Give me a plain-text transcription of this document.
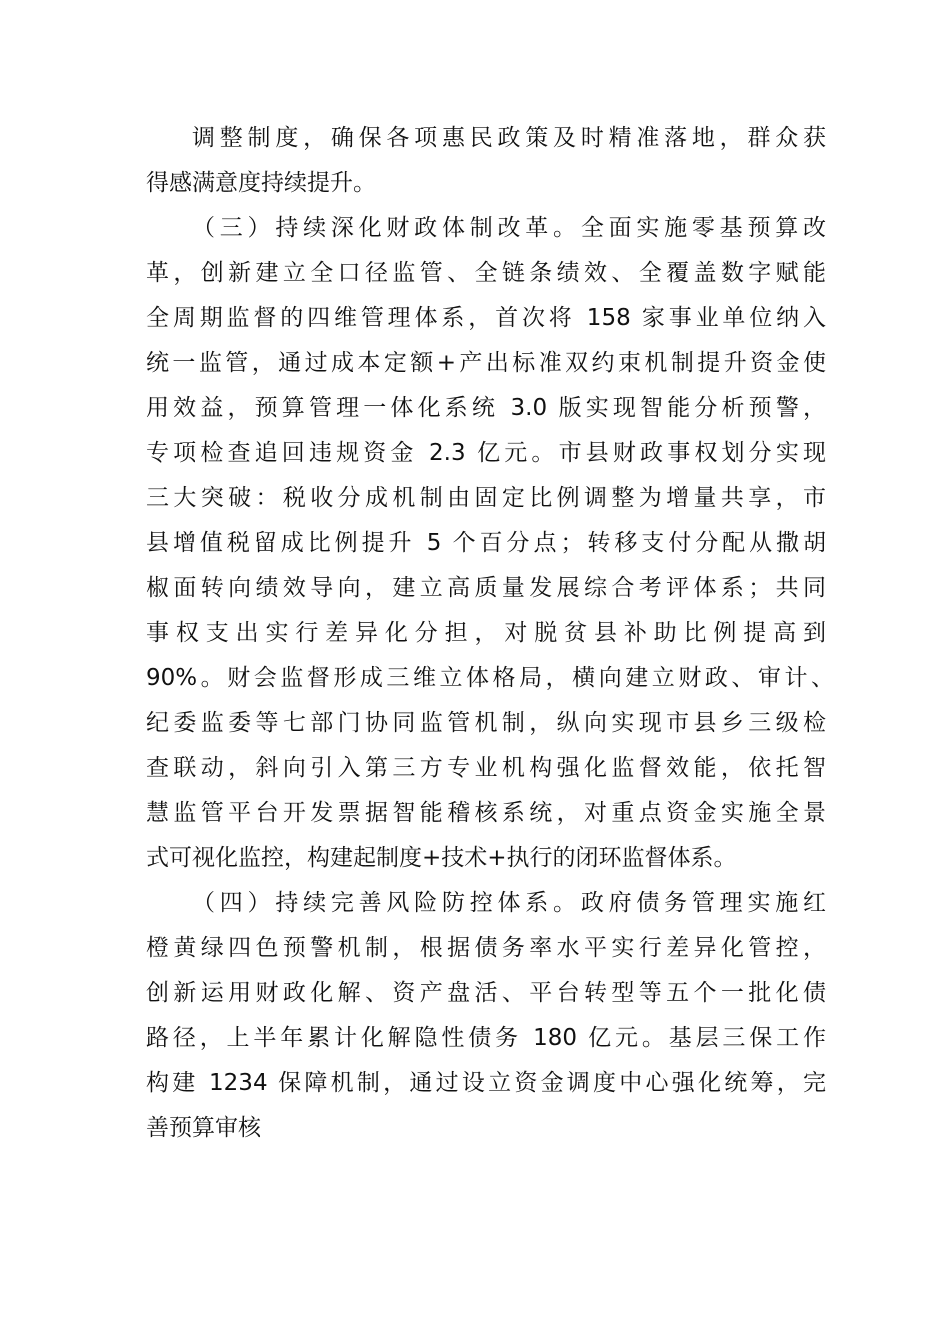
调整制度，确保各项惠民政策及时精准落地，群众获
得感满意度持续提升。
（三）持续深化财政体制改革。全面实施零基预算改
革，创新建立全口径监管、全链条绩效、全覆盖数字赋能
全周期监督的四维管理体系，首次将 158 家事业单位纳入
统一监管，通过成本定额+产出标准双约束机制提升资金使
用效益，预算管理一体化系统 3.0 版实现智能分析预警，
专项检查追回违规资金 2.3 亿元。市县财政事权划分实现
三大突破：税收分成机制由固定比例调整为增量共享，市
县增值税留成比例提升 5 个百分点；转移支付分配从撒胡
椒面转向绩效导向，建立高质量发展综合考评体系；共同
事权支出实行差异化分担，对脱贫县补助比例提高到
90%。财会监督形成三维立体格局，横向建立财政、审计、
纪委监委等七部门协同监管机制，纵向实现市县乡三级检
查联动，斜向引入第三方专业机构强化监督效能，依托智
慧监管平台开发票据智能稽核系统，对重点资金实施全景
式可视化监控，构建起制度+技术+执行的闭环监督体系。
（四）持续完善风险防控体系。政府债务管理实施红
橙黄绿四色预警机制，根据债务率水平实行差异化管控，
创新运用财政化解、资产盘活、平台转型等五个一批化债
路径，上半年累计化解隐性债务 180 亿元。基层三保工作
构建 1234 保障机制，通过设立资金调度中心强化统筹，完
善预算审核
